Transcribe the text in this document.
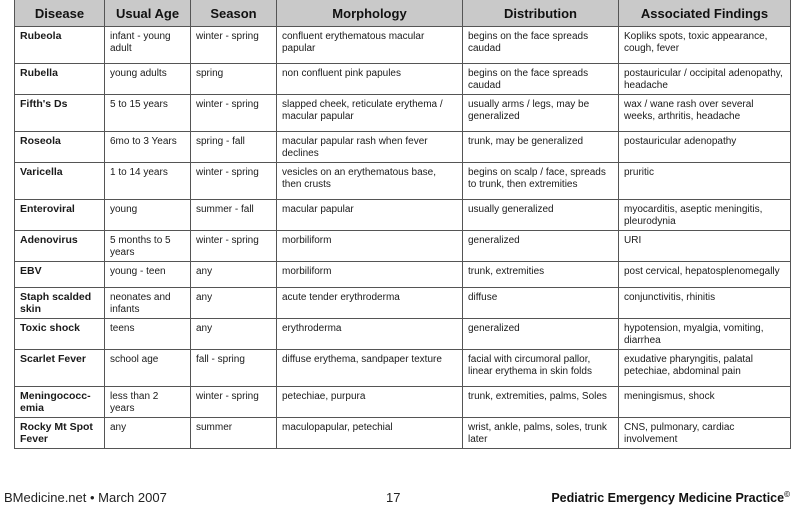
Disease	Usual Age	Season	Morphology	Distribution	Associated Findings
Rubeola	infant - young adult	winter - spring	confluent erythematous macular papular	begins on the face spreads caudad	Kopliks spots, toxic appearance, cough, fever
Rubella	young adults	spring	non confluent pink papules	begins on the face spreads caudad	postauricular / occipital adenopathy, headache
Fifth's Ds	5 to 15 years	winter - spring	slapped cheek, reticulate erythema / macular papular	usually arms / legs, may be generalized	wax / wane rash over several weeks, arthritis, headache
Roseola	6mo to 3 Years	spring - fall	macular papular rash when fever declines	trunk, may be generalized	postauricular adenopathy
Varicella	1 to 14 years	winter - spring	vesicles on an erythematous base, then crusts	begins on scalp / face, spreads to trunk, then extremities	pruritic
Enteroviral	young	summer - fall	macular papular	usually generalized	myocarditis, aseptic meningitis, pleurodynia
Adenovirus	5 months to 5 years	winter - spring	morbiliform	generalized	URI
EBV	young - teen	any	morbiliform	trunk, extremities	post cervical, hepatosplenomegally
Staph scalded skin	neonates and infants	any	acute tender erythroderma	diffuse	conjunctivitis, rhinitis
Toxic shock	teens	any	erythroderma	generalized	hypotension, myalgia, vomiting, diarrhea
Scarlet Fever	school age	fall - spring	diffuse erythema, sandpaper texture	facial with circumoral pallor, linear erythema in skin folds	exudative pharyngitis, palatal petechiae, abdominal pain
Meningococc- emia	less than 2 years	winter - spring	petechiae, purpura	trunk, extremities, palms, Soles	meningismus, shock
Rocky Mt Spot Fever	any	summer	maculopapular, petechial	wrist, ankle, palms, soles, trunk later	CNS, pulmonary, cardiac involvement
BMedicine.net • March 2007	17	Pediatric Emergency Medicine Practice©
